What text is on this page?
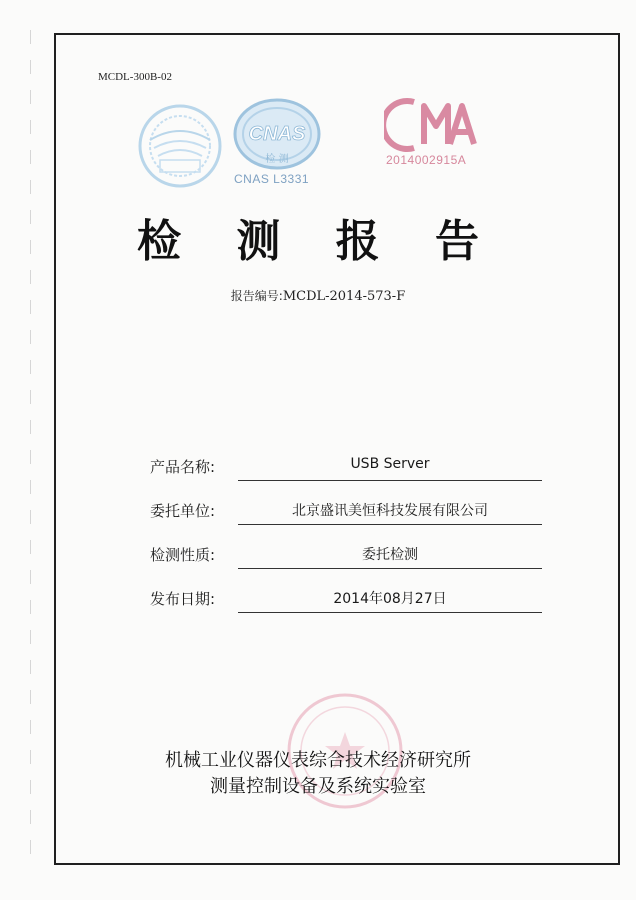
MCDL-300B-02
CNAS
检 测
CNAS L3331
MA
2014002915A
检 测 报 告
报告编号:MCDL-2014-573-F
产品名称:	USB Server
委托单位:	北京盛讯美恒科技发展有限公司
检测性质:	委托检测
发布日期:	2014年08月27日
机械工业仪器仪表综合技术经济研究所
测量控制设备及系统实验室
